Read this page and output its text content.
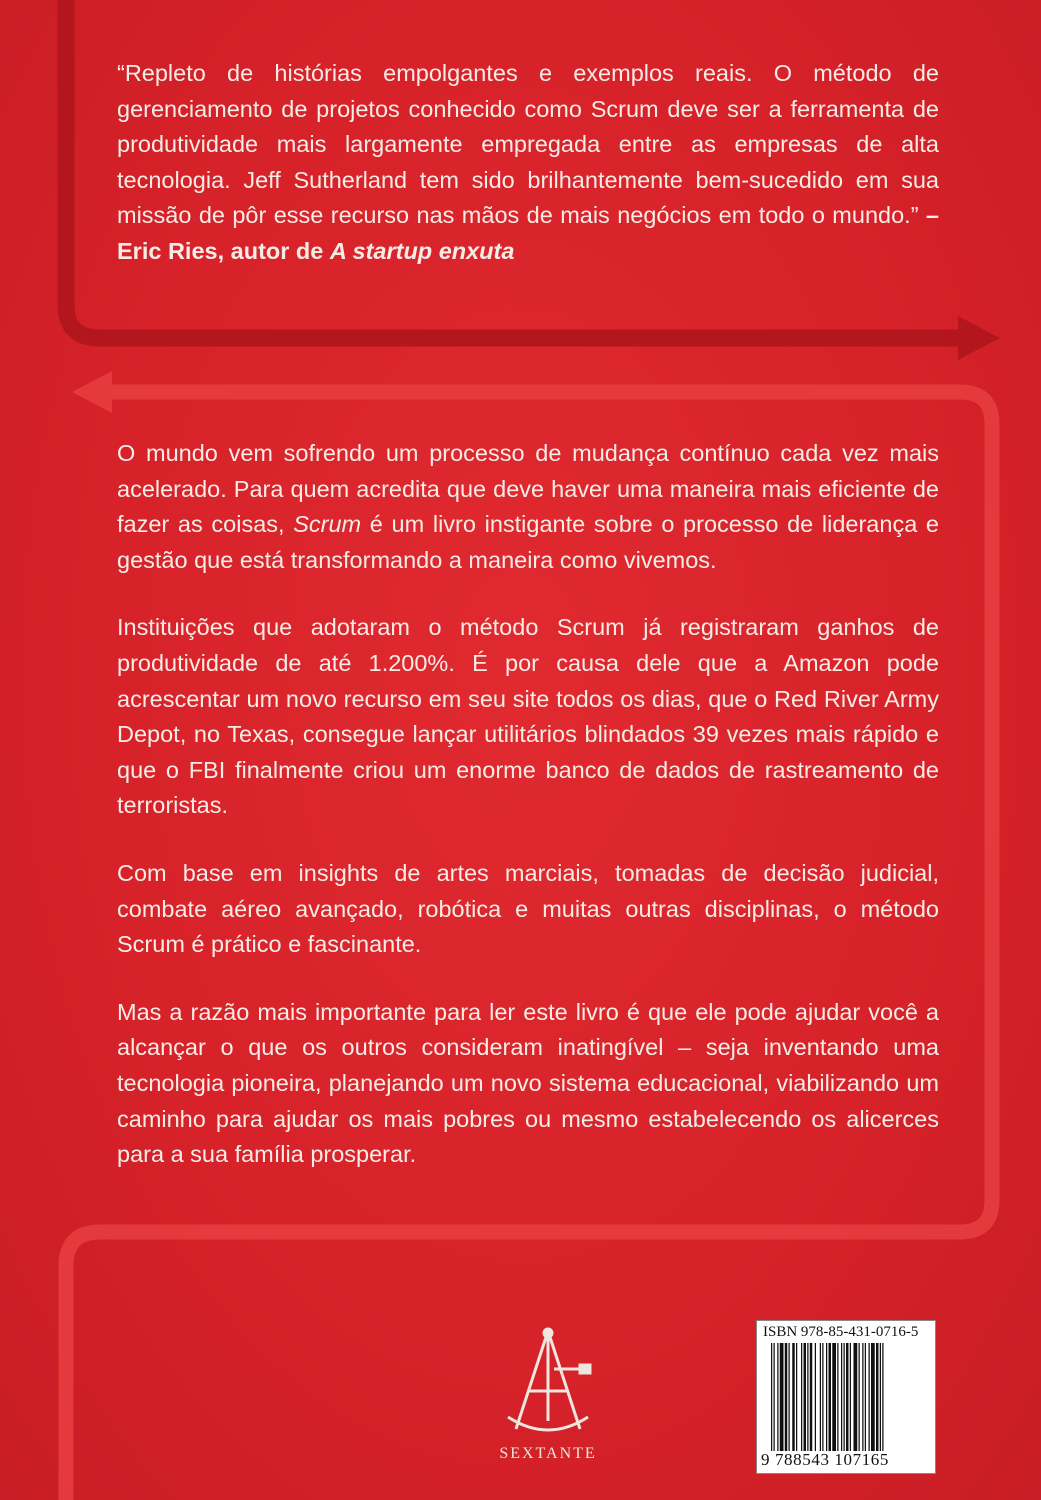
“Repleto de histórias empolgantes e exemplos reais. O método de gerenciamento de projetos conhecido como Scrum deve ser a ferramenta de produtividade mais largamente empregada entre as empresas de alta tecnologia. Jeff Sutherland tem sido brilhantemente bem-sucedido em sua missão de pôr esse recurso nas mãos de mais negócios em todo o mundo.” – Eric Ries, autor de A startup enxuta

O mundo vem sofrendo um processo de mudança contínuo cada vez mais acelerado. Para quem acredita que deve haver uma maneira mais eficiente de fazer as coisas, Scrum é um livro instigante sobre o processo de liderança e gestão que está transformando a maneira como vivemos.

Instituições que adotaram o método Scrum já registraram ganhos de produtividade de até 1.200%. É por causa dele que a Amazon pode acrescentar um novo recurso em seu site todos os dias, que o Red River Army Depot, no Texas, consegue lançar utilitários blindados 39 vezes mais rápido e que o FBI finalmente criou um enorme banco de dados de rastreamento de terroristas.

Com base em insights de artes marciais, tomadas de decisão judicial, combate aéreo avançado, robótica e muitas outras disciplinas, o método Scrum é prático e fascinante.

Mas a razão mais importante para ler este livro é que ele pode ajudar você a alcançar o que os outros consideram inatingível – seja inventando uma tecnologia pioneira, planejando um novo sistema educacional, viabilizando um caminho para ajudar os mais pobres ou mesmo estabelecendo os alicerces para a sua família prosperar.

SEXTANTE
ISBN 978-85-431-0716-5
9 788543 107165
